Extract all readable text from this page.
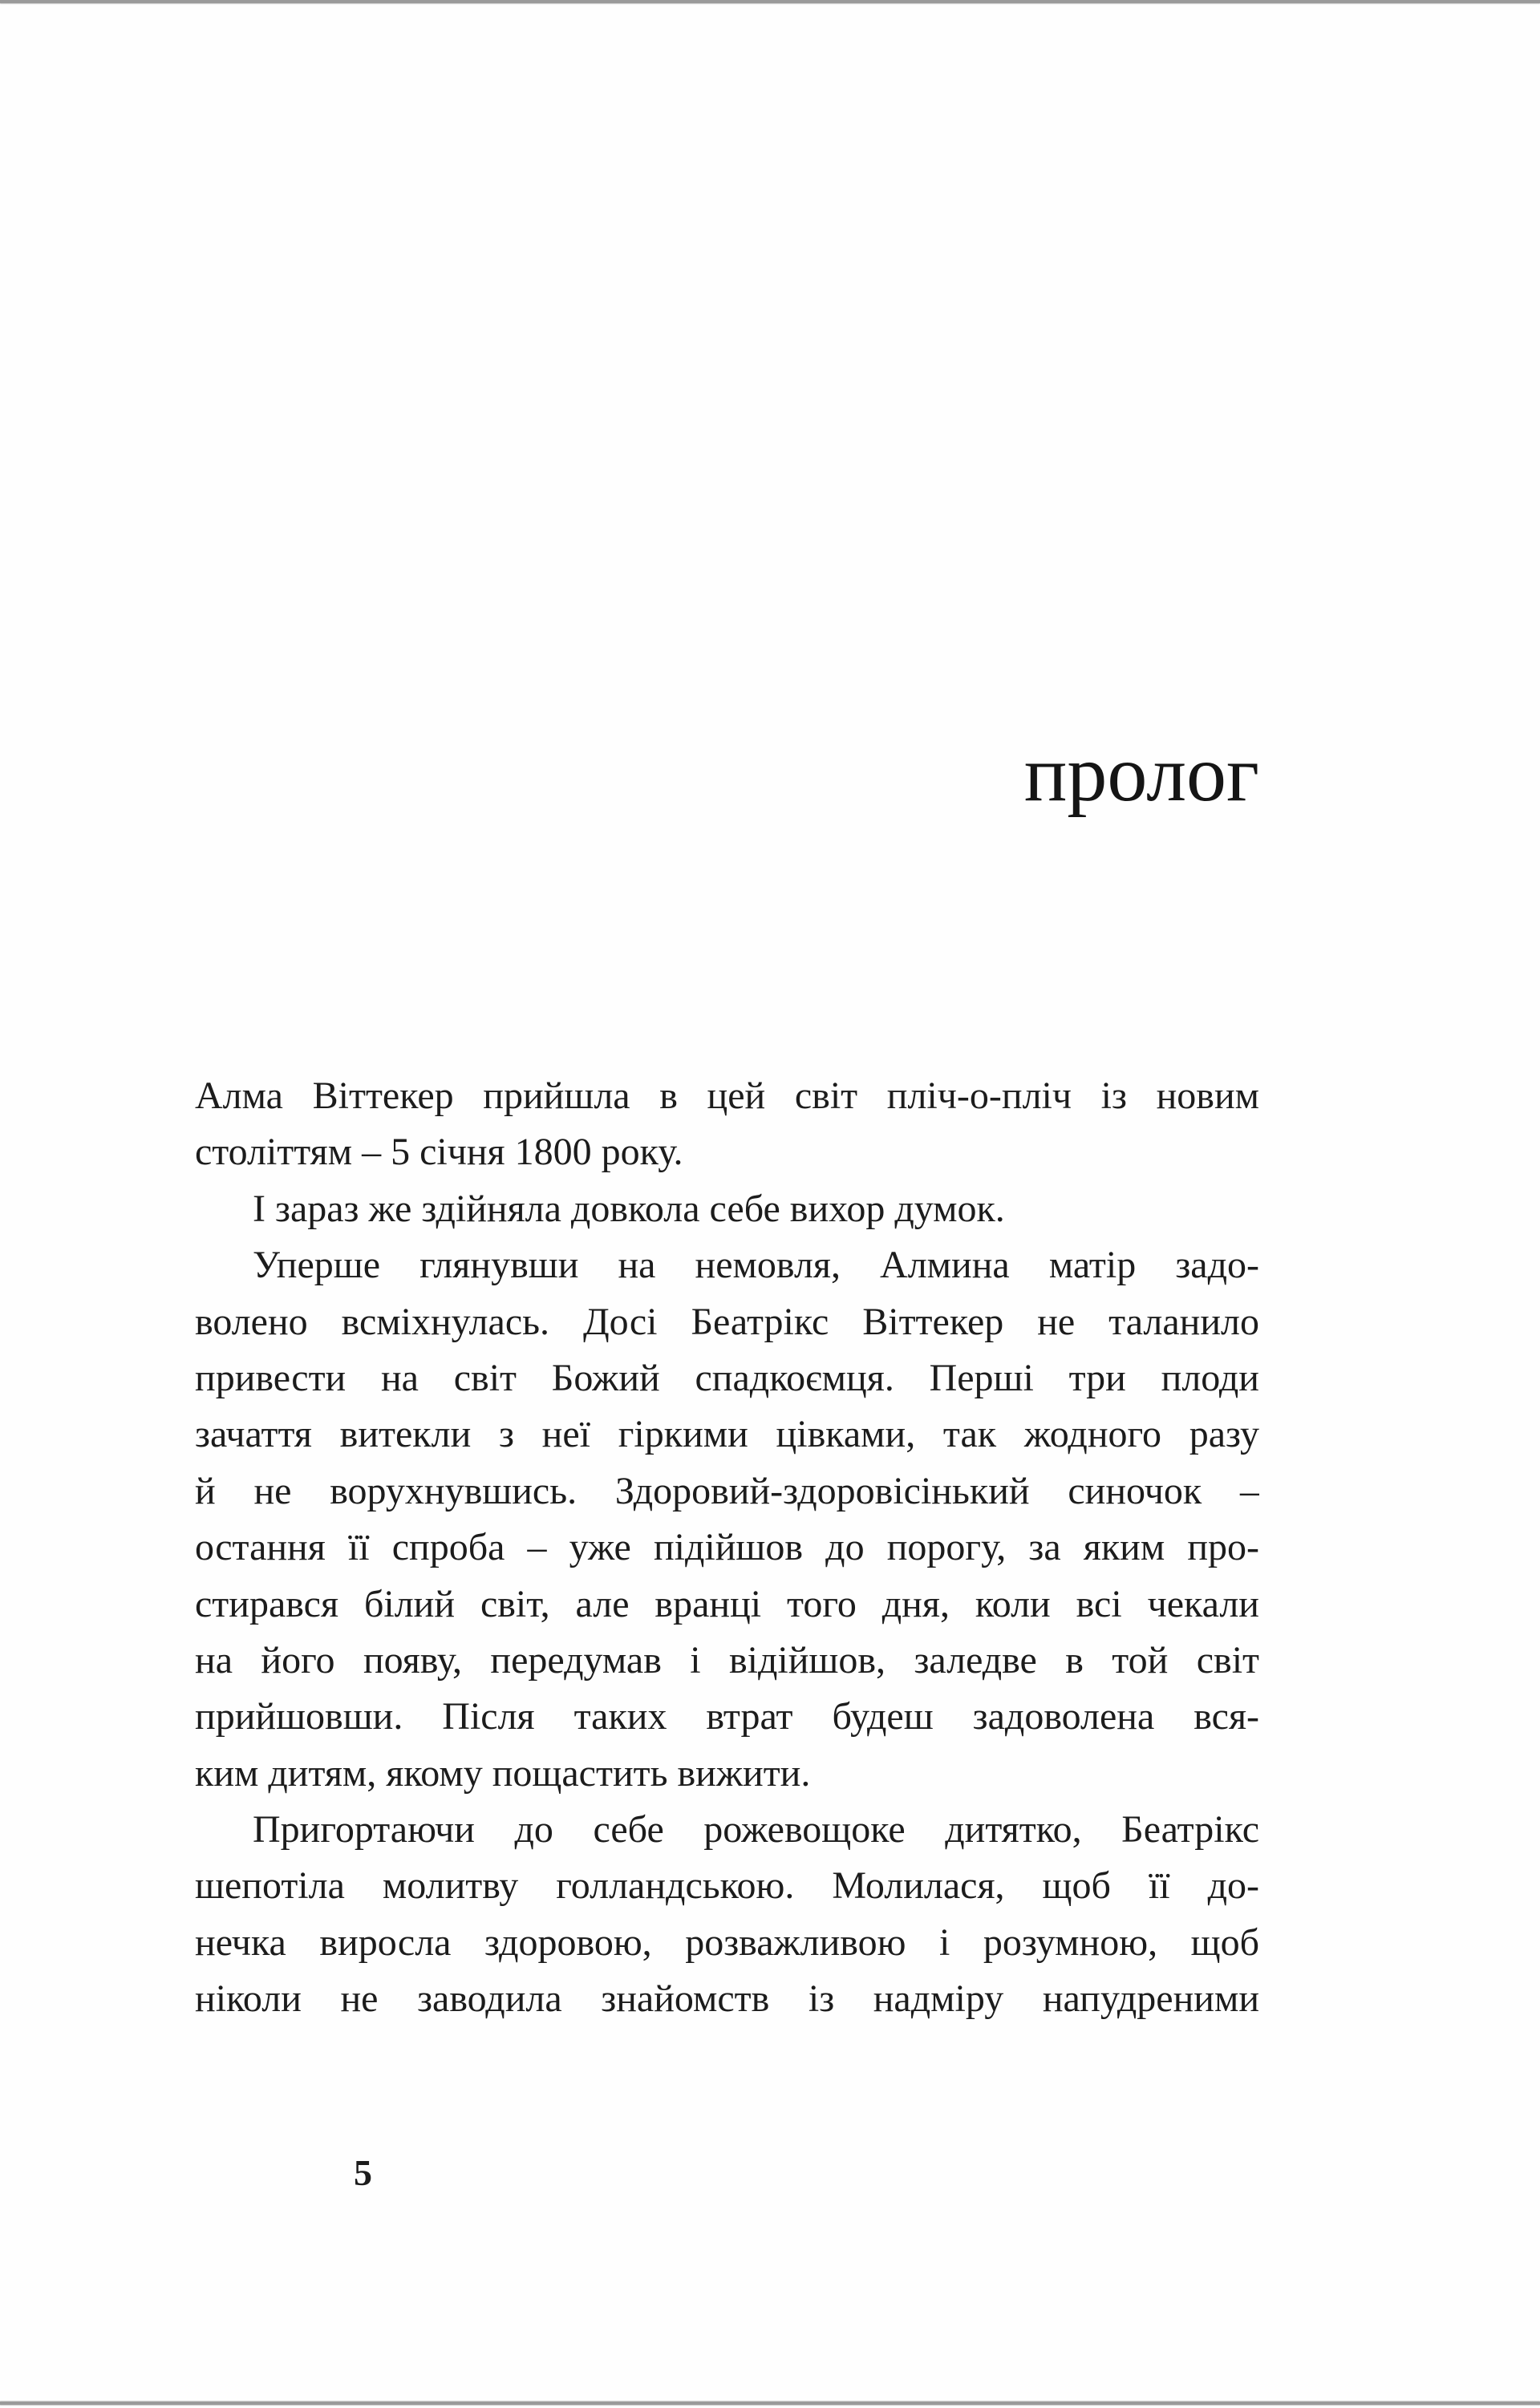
пролог
Алма Віттекер прийшла в цей світ пліч-о-пліч із новим
століттям – 5 січня 1800 року.
І зараз же здійняла довкола себе вихор думок.
Уперше глянувши на немовля, Алмина матір задо-
волено всміхнулась. Досі Беатрікс Віттекер не таланило
привести на світ Божий спадкоємця. Перші три плоди
зачаття витекли з неї гіркими цівками, так жодного разу
й не ворухнувшись. Здоровий-здоровісінький синочок –
остання її спроба – уже підійшов до порогу, за яким про-
стирався білий світ, але вранці того дня, коли всі чекали
на його появу, передумав і відійшов, заледве в той світ
прийшовши. Після таких втрат будеш задоволена вся-
ким дитям, якому пощастить вижити.
Пригортаючи до себе рожевощоке дитятко, Беатрікс
шепотіла молитву голландською. Молилася, щоб її до-
нечка виросла здоровою, розважливою і розумною, щоб
ніколи не заводила знайомств із надміру напудреними
5
